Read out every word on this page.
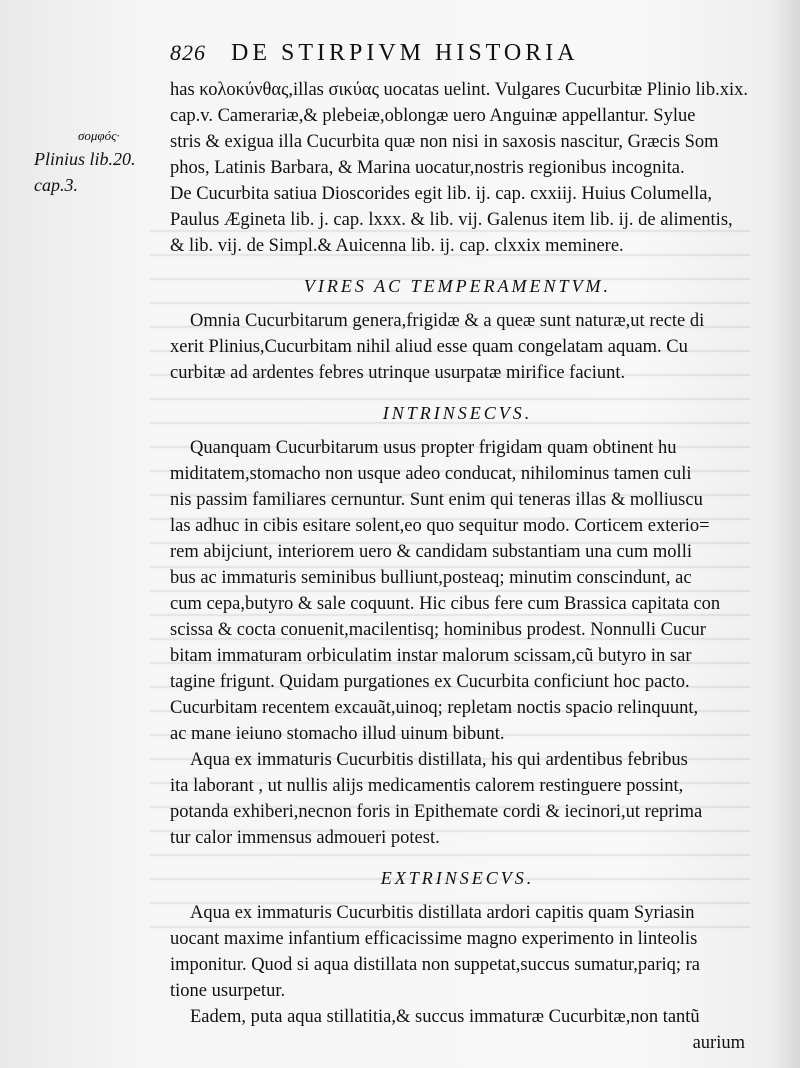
826 DE STIRPIVM HISTORIA
σομφός·
Plinius lib.20.
cap.3.
has κολοκύνθας,illas σικύας uocatas uelint. Vulgares Cucurbitæ Plinio lib.xix.
cap.v. Camerariæ,& plebeiæ,oblongæ uero Anguinæ appellantur. Sylue
stris & exigua illa Cucurbita quæ non nisi in saxosis nascitur, Græcis Som
phos, Latinis Barbara, & Marina uocatur,nostris regionibus incognita.
De Cucurbita satiua Dioscorides egit lib. ij. cap. cxxiij. Huius Columella,
Paulus Ægineta lib. j. cap. lxxx. & lib. vij. Galenus item lib. ij. de alimentis,
& lib. vij. de Simpl.& Auicenna lib. ij. cap. clxxix meminere.
VIRES AC TEMPERAMENTVM.
Omnia Cucurbitarum genera,frigidæ & a queæ sunt naturæ,ut recte di
xerit Plinius,Cucurbitam nihil aliud esse quam congelatam aquam. Cu
curbitæ ad ardentes febres utrinque usurpatæ mirifice faciunt.
INTRINSECVS.
Quanquam Cucurbitarum usus propter frigidam quam obtinent hu
miditatem,stomacho non usque adeo conducat, nihilominus tamen culi
nis passim familiares cernuntur. Sunt enim qui teneras illas & molliuscu
las adhuc in cibis esitare solent,eo quo sequitur modo. Corticem exterio=
rem abijciunt, interiorem uero & candidam substantiam una cum molli
bus ac immaturis seminibus bulliunt,posteaq; minutim conscindunt, ac
cum cepa,butyro & sale coquunt. Hic cibus fere cum Brassica capitata con
scissa & cocta conuenit,macilentisq; hominibus prodest. Nonnulli Cucur
bitam immaturam orbiculatim instar malorum scissam,cũ butyro in sar
tagine frigunt. Quidam purgationes ex Cucurbita conficiunt hoc pacto.
Cucurbitam recentem excauãt,uinoq; repletam noctis spacio relinquunt,
ac mane ieiuno stomacho illud uinum bibunt.
Aqua ex immaturis Cucurbitis distillata, his qui ardentibus febribus
ita laborant , ut nullis alijs medicamentis calorem restinguere possint,
potanda exhiberi,necnon foris in Epithemate cordi & iecinori,ut reprima
tur calor immensus admoueri potest.
EXTRINSECVS.
Aqua ex immaturis Cucurbitis distillata ardori capitis quam Syriasin
uocant maxime infantium efficacissime magno experimento in linteolis
imponitur. Quod si aqua distillata non suppetat,succus sumatur,pariq; ra
tione usurpetur.
Eadem, puta aqua stillatitia,& succus immaturæ Cucurbitæ,non tantũ
aurium
